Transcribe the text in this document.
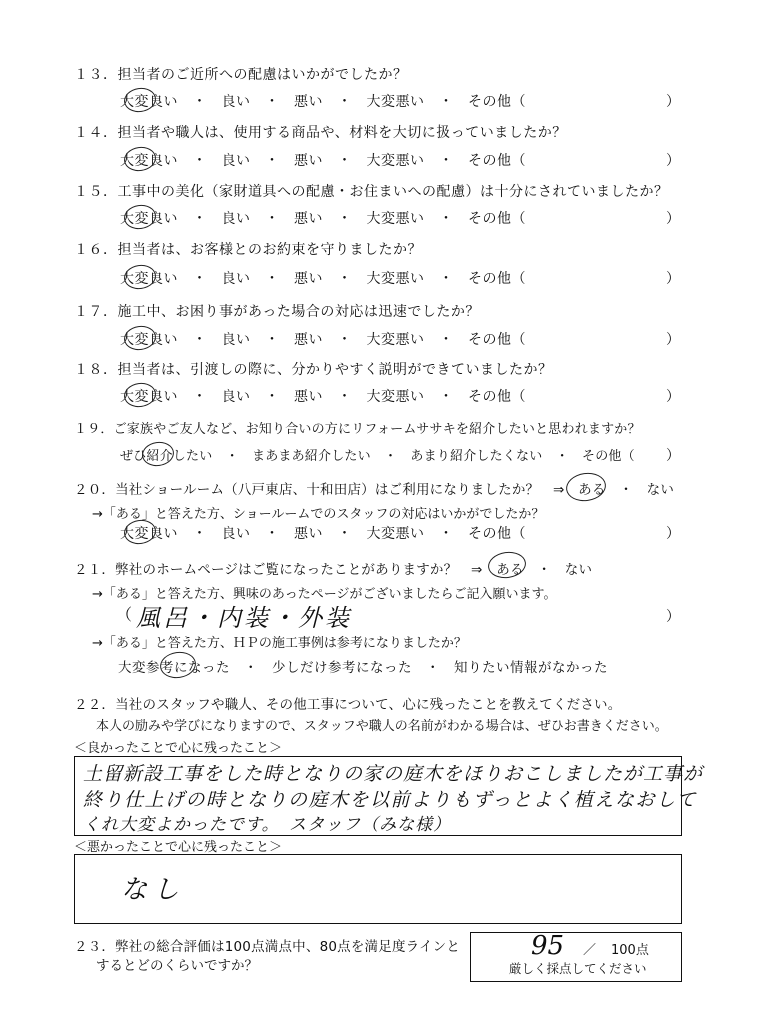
１３．担当者のご近所への配慮はいかがでしたか？
大変良い　・　良い　・　悪い　・　大変悪い　・　その他（	）
１４．担当者や職人は、使用する商品や、材料を大切に扱っていましたか？
大変良い　・　良い　・　悪い　・　大変悪い　・　その他（	）
１５．工事中の美化（家財道具への配慮・お住まいへの配慮）は十分にされていましたか？
大変良い　・　良い　・　悪い　・　大変悪い　・　その他（	）
１６．担当者は、お客様とのお約束を守りましたか？
大変良い　・　良い　・　悪い　・　大変悪い　・　その他（	）
１７．施工中、お困り事があった場合の対応は迅速でしたか？
大変良い　・　良い　・　悪い　・　大変悪い　・　その他（	）
１８．担当者は、引渡しの際に、分かりやすく説明ができていましたか？
大変良い　・　良い　・　悪い　・　大変悪い　・　その他（	）
１９．ご家族やご友人など、お知り合いの方にリフォームササキを紹介したいと思われますか？
ぜひ紹介したい　・　まあまあ紹介したい　・　あまり紹介したくない　・　その他（ ）
２０．当社ショールーム（八戸東店、十和田店）はご利用になりましたか？　⇒　ある　・　ない
→「ある」と答えた方、ショールームでのスタッフの対応はいかがでしたか？
大変良い　・　良い　・　悪い　・　大変悪い　・　その他（	）
２１．弊社のホームページはご覧になったことがありますか？　⇒　ある　・　ない
→「ある」と答えた方、興味のあったページがございましたらご記入願います。
（ 風呂・内装・外装	）
→「ある」と答えた方、ＨＰの施工事例は参考になりましたか？
大変参考になった　・　少しだけ参考になった　・　知りたい情報がなかった
２２．当社のスタッフや職人、その他工事について、心に残ったことを教えてください。
本人の励みや学びになりますので、スタッフや職人の名前がわかる場合は、ぜひお書きください。
＜良かったことで心に残ったこと＞
土留新設工事をした時となりの家の庭木をほりおこしましたが工事が
終り仕上げの時となりの庭木を以前よりもずっとよく植えなおして
くれ大変よかったです。　スタッフ（みな様）
＜悪かったことで心に残ったこと＞
なし
２３．弊社の総合評価は100点満点中、80点を満足度ラインと
するとどのくらいですか？
95 ／ 100点
厳しく採点してください
